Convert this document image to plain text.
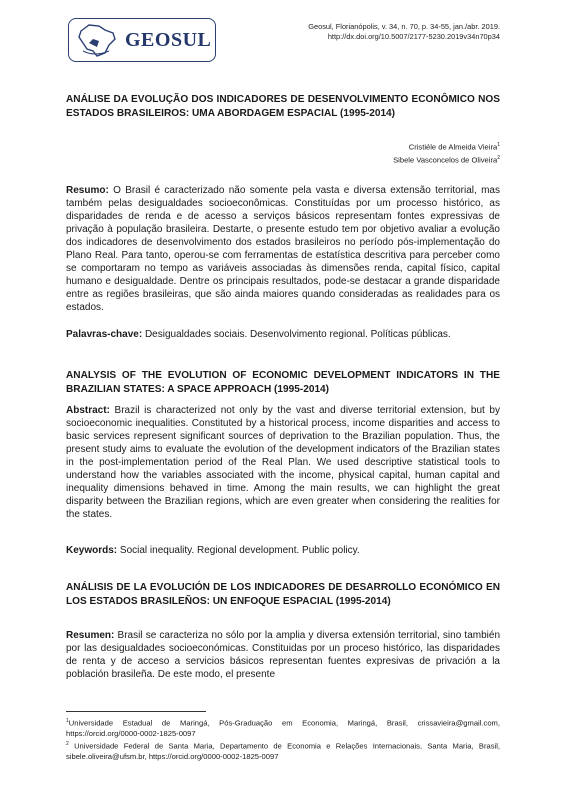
GEOSUL
Geosul, Florianópolis, v. 34, n. 70, p. 34-55, jan./abr. 2019.
http://dx.doi.org/10.5007/2177-5230.2019v34n70p34
ANÁLISE DA EVOLUÇÃO DOS INDICADORES DE DESENVOLVIMENTO ECONÔMICO NOS ESTADOS BRASILEIROS: UMA ABORDAGEM ESPACIAL (1995-2014)
Cristiéle de Almeida Vieira$^1$
Sibele Vasconcelos de Oliveira$^2$
Resumo: O Brasil é caracterizado não somente pela vasta e diversa extensão territorial, mas também pelas desigualdades socioeconômicas. Constituídas por um processo histórico, as disparidades de renda e de acesso a serviços básicos representam fontes expressivas de privação à população brasileira. Destarte, o presente estudo tem por objetivo avaliar a evolução dos indicadores de desenvolvimento dos estados brasileiros no período pós-implementação do Plano Real. Para tanto, operou-se com ferramentas de estatística descritiva para perceber como se comportaram no tempo as variáveis associadas às dimensões renda, capital físico, capital humano e desigualdade. Dentre os principais resultados, pode-se destacar a grande disparidade entre as regiões brasileiras, que são ainda maiores quando consideradas as realidades para os estados.
Palavras-chave: Desigualdades sociais. Desenvolvimento regional. Políticas públicas.
ANALYSIS OF THE EVOLUTION OF ECONOMIC DEVELOPMENT INDICATORS IN THE BRAZILIAN STATES: A SPACE APPROACH (1995-2014)
Abstract: Brazil is characterized not only by the vast and diverse territorial extension, but by socioeconomic inequalities. Constituted by a historical process, income disparities and access to basic services represent significant sources of deprivation to the Brazilian population. Thus, the present study aims to evaluate the evolution of the development indicators of the Brazilian states in the post-implementation period of the Real Plan. We used descriptive statistical tools to understand how the variables associated with the income, physical capital, human capital and inequality dimensions behaved in time. Among the main results, we can highlight the great disparity between the Brazilian regions, which are even greater when considering the realities for the states.
Keywords: Social inequality. Regional development. Public policy.
ANÁLISIS DE LA EVOLUCIÓN DE LOS INDICADORES DE DESARROLLO ECONÓMICO EN LOS ESTADOS BRASILEÑOS: UN ENFOQUE ESPACIAL (1995-2014)
Resumen: Brasil se caracteriza no sólo por la amplia y diversa extensión territorial, sino también por las desigualdades socioeconómicas. Constituidas por un proceso histórico, las disparidades de renta y de acceso a servicios básicos representan fuentes expresivas de privación a la población brasileña. De este modo, el presente
$^1$Universidade Estadual de Maringá, Pós-Graduação em Economia, Maringá, Brasil, crissavieira@gmail.com, https://orcid.org/0000-0002-1825-0097
$^2$ Universidade Federal de Santa Maria, Departamento de Economia e Relações Internacionais, Santa Maria, Brasil, sibele.oliveira@ufsm.br, https://orcid.org/0000-0002-1825-0097
